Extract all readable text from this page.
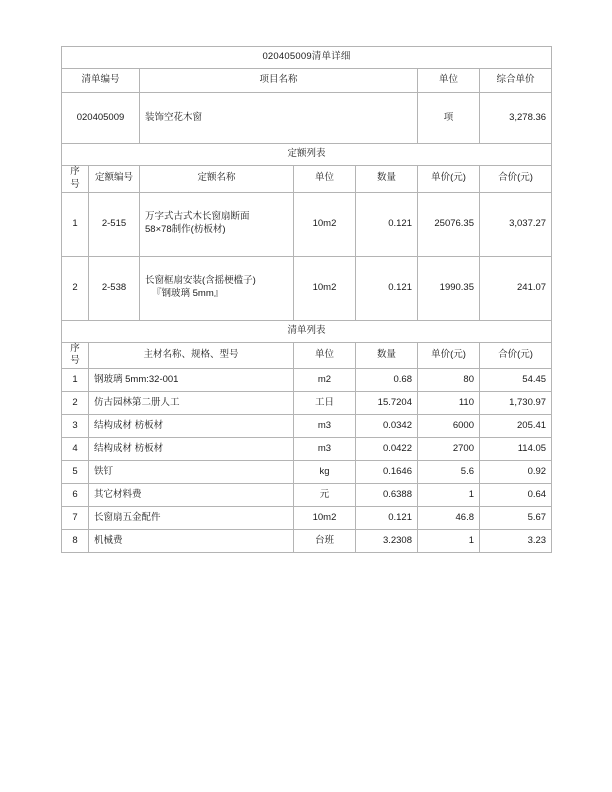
020405009清单详细						
清单编号		项目名称			单位	综合单价
020405009		装饰空花木窗			项	3,278.36
定额列表						
序号	定额编号	定额名称	单位	数量	单价(元)	合价(元)
1	2-515	万字式古式木长窗扇断面
58×78制作(枋板材)	10m2	0.121	25076.35	3,037.27
2	2-538	长窗框扇安装(含摇梗槛子)
『钢玻璃 5mm』	10m2	0.121	1990.35	241.07
清单列表						
序号	主材名称、规格、型号		单位	数量	单价(元)	合价(元)
1	钢玻璃 5mm:32-001		m2	0.68	80	54.45
2	仿古园林第二册人工		工日	15.7204	110	1,730.97
3	结构成材 枋板材		m3	0.0342	6000	205.41
4	结构成材 枋板材		m3	0.0422	2700	114.05
5	铁钉		kg	0.1646	5.6	0.92
6	其它材料费		元	0.6388	1	0.64
7	长窗扇五金配件		10m2	0.121	46.8	5.67
8	机械费		台班	3.2308	1	3.23
